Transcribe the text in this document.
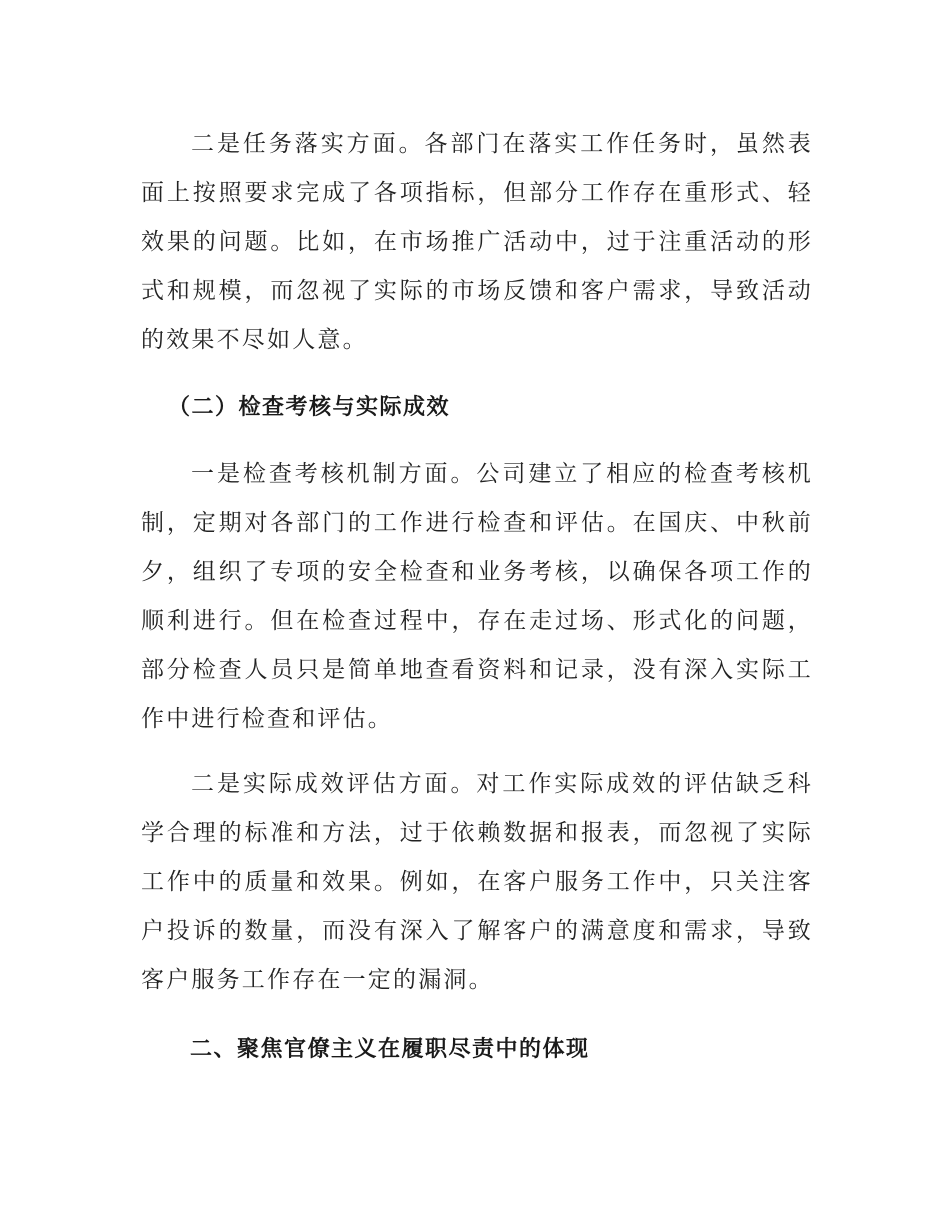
二是任务落实方面。各部门在落实工作任务时，虽然表面上按照要求完成了各项指标，但部分工作存在重形式、轻效果的问题。比如，在市场推广活动中，过于注重活动的形式和规模，而忽视了实际的市场反馈和客户需求，导致活动的效果不尽如人意。

（二）检查考核与实际成效

一是检查考核机制方面。公司建立了相应的检查考核机制，定期对各部门的工作进行检查和评估。在国庆、中秋前夕，组织了专项的安全检查和业务考核，以确保各项工作的顺利进行。但在检查过程中，存在走过场、形式化的问题，部分检查人员只是简单地查看资料和记录，没有深入实际工作中进行检查和评估。

二是实际成效评估方面。对工作实际成效的评估缺乏科学合理的标准和方法，过于依赖数据和报表，而忽视了实际工作中的质量和效果。例如，在客户服务工作中，只关注客户投诉的数量，而没有深入了解客户的满意度和需求，导致客户服务工作存在一定的漏洞。

二、聚焦官僚主义在履职尽责中的体现
